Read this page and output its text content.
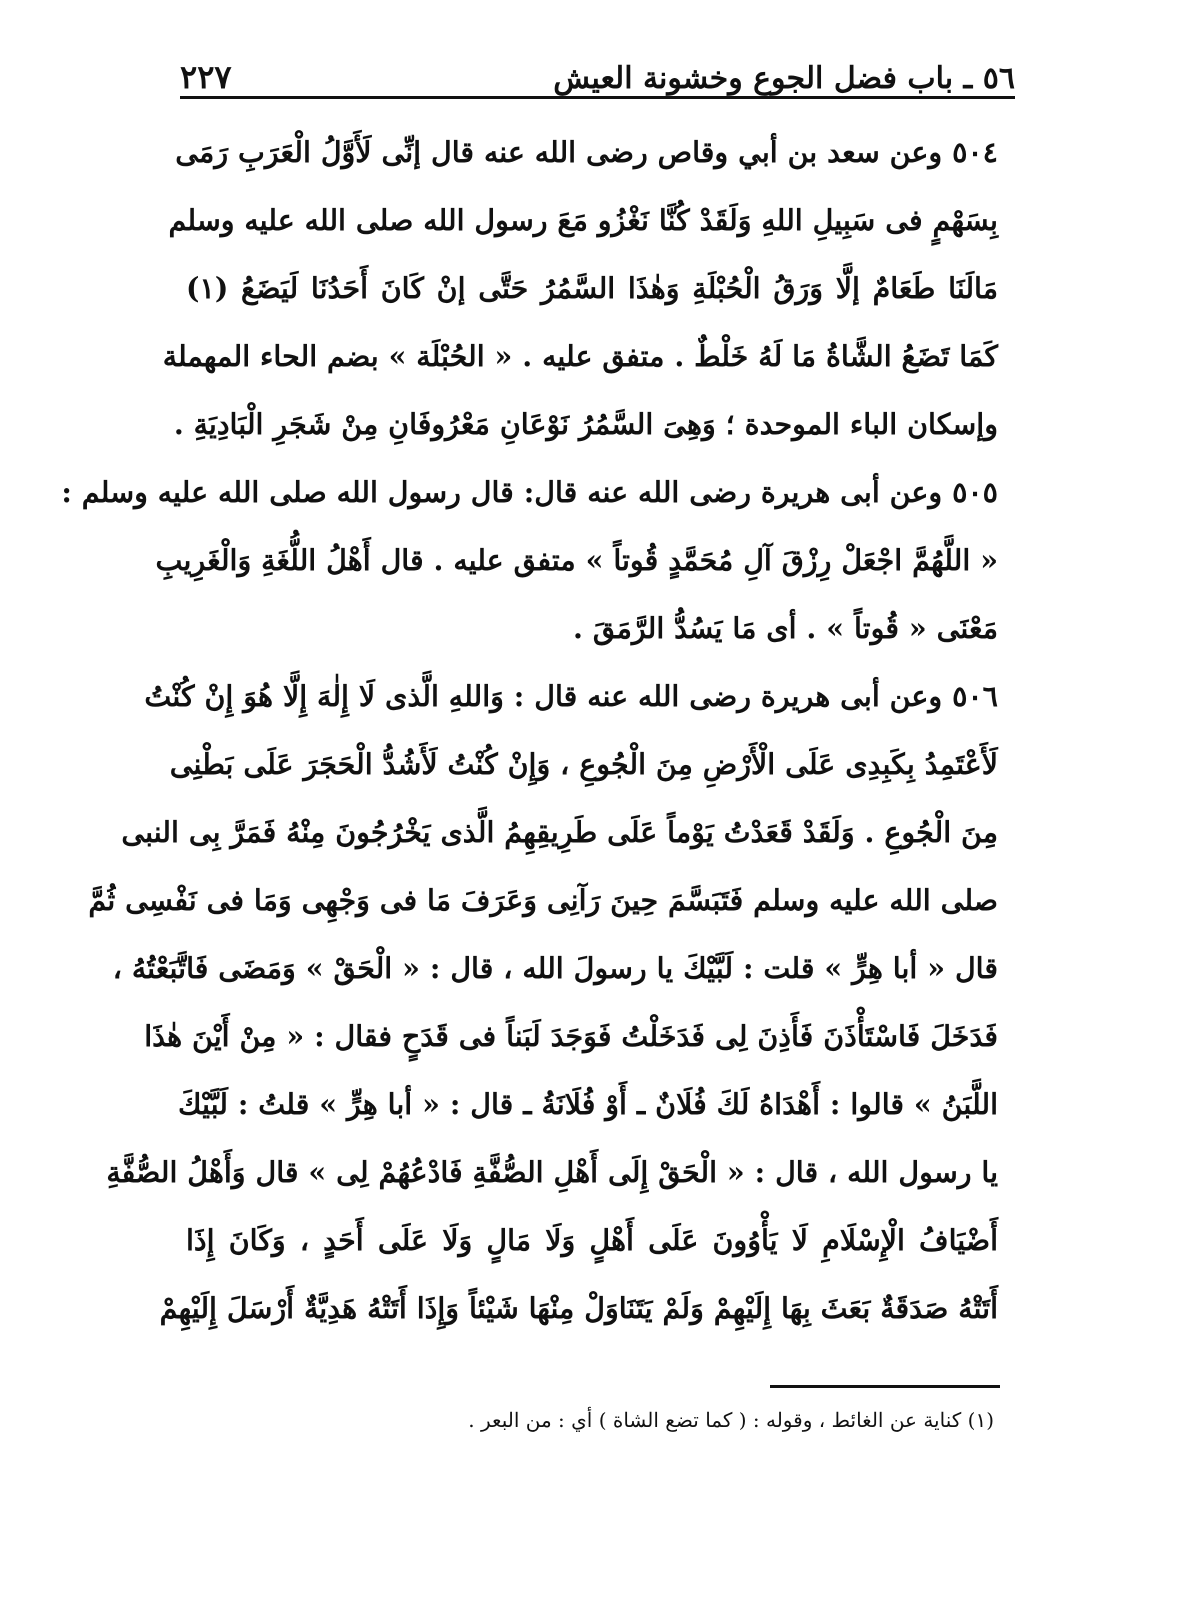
٥٦ ـ باب فضل الجوع وخشونة العيش
٢٢٧
٥٠٤ وعن سعد بن أبي وقاص رضى الله عنه قال إنِّى لَأَوَّلُ الْعَرَبِ رَمَى
بِسَهْمٍ فى سَبِيلِ اللهِ وَلَقَدْ كُنَّا نَغْزُو مَعَ رسول الله صلى الله عليه وسلم
مَالَنَا طَعَامٌ إلَّا وَرَقُ الْحُبْلَةِ وَهٰذَا السَّمُرُ حَتَّى إنْ كَانَ أَحَدُنَا لَيَضَعُ (١)
كَمَا تَضَعُ الشَّاةُ مَا لَهُ خَلْطٌ . متفق عليه . « الحُبْلَة » بضم الحاء المهملة
وإسكان الباء الموحدة ؛ وَهِىَ السَّمُرُ نَوْعَانِ مَعْرُوفَانِ مِنْ شَجَرِ الْبَادِيَةِ .
٥٠٥ وعن أبى هريرة رضى الله عنه قال: قال رسول الله صلى الله عليه وسلم :
« اللَّهُمَّ اجْعَلْ رِزْقَ آلِ مُحَمَّدٍ قُوتاً » متفق عليه . قال أَهْلُ اللُّغَةِ وَالْغَرِيبِ
مَعْنَى « قُوتاً » . أى مَا يَسُدُّ الرَّمَقَ .
٥٠٦ وعن أبى هريرة رضى الله عنه قال : وَاللهِ الَّذى لَا إِلٰهَ إِلَّا هُوَ إِنْ كُنْتُ
لَأَعْتَمِدُ بِكَبِدِى عَلَى الْأَرْضِ مِنَ الْجُوعِ ، وَإِنْ كُنْتُ لَأَشُدُّ الْحَجَرَ عَلَى بَطْنِى
مِنَ الْجُوعِ . وَلَقَدْ قَعَدْتُ يَوْماً عَلَى طَرِيقِهِمُ الَّذى يَخْرُجُونَ مِنْهُ فَمَرَّ بِى النبى
صلى الله عليه وسلم فَتَبَسَّمَ حِينَ رَآنِى وَعَرَفَ مَا فى وَجْهِى وَمَا فى نَفْسِى ثُمَّ
قال « أبا هِرٍّ » قلت : لَبَّيْكَ يا رسولَ الله ، قال : « الْحَقْ » وَمَضَى فَاتَّبَعْتُهُ ،
فَدَخَلَ فَاسْتَأْذَنَ فَأَذِنَ لِى فَدَخَلْتُ فَوَجَدَ لَبَناً فى قَدَحٍ فقال : « مِنْ أَيْنَ هٰذَا
اللَّبَنُ » قالوا : أَهْدَاهُ لَكَ فُلَانٌ ـ أَوْ فُلَانَةُ ـ قال : « أبا هِرٍّ » قلتُ : لَبَّيْكَ
يا رسول الله ، قال : « الْحَقْ إِلَى أَهْلِ الصُّفَّةِ فَادْعُهُمْ لِى » قال وَأَهْلُ الصُّفَّةِ
أَضْيَافُ الْإِسْلَامِ لَا يَأْوُونَ عَلَى أَهْلٍ وَلَا مَالٍ وَلَا عَلَى أَحَدٍ ، وَكَانَ إِذَا
أَتَتْهُ صَدَقَةٌ بَعَثَ بِهَا إِلَيْهِمْ وَلَمْ يَتَنَاوَلْ مِنْهَا شَيْئاً وَإِذَا أَتَتْهُ هَدِيَّةٌ أَرْسَلَ إِلَيْهِمْ
(١) كناية عن الغائط ، وقوله : ( كما تضع الشاة ) أي : من البعر .
